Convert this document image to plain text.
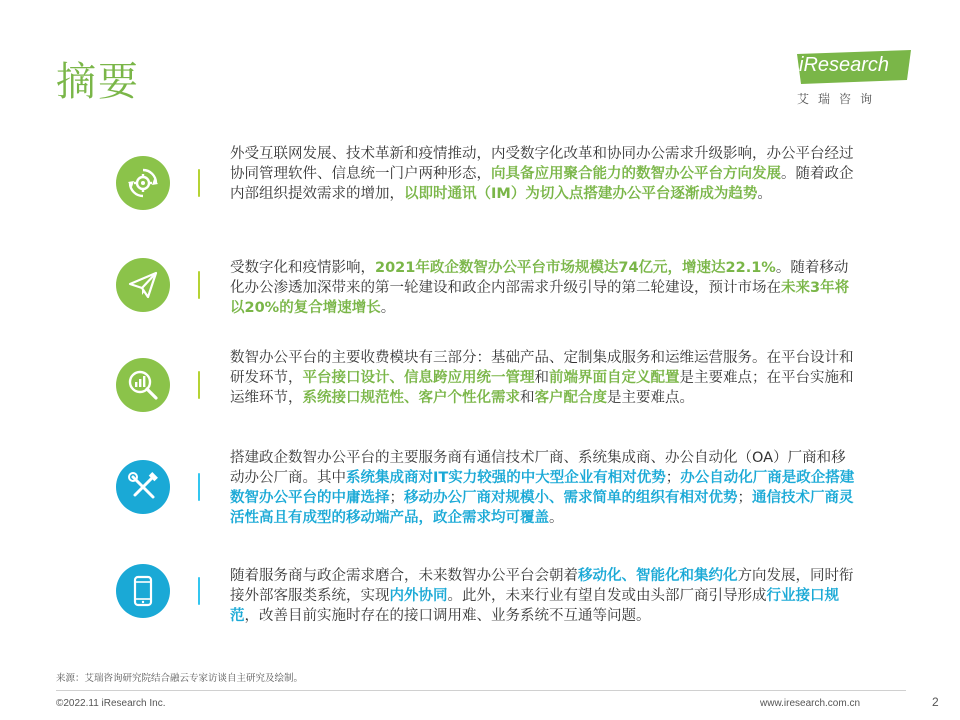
摘要	iResearch
艾瑞咨询
外受互联网发展、技术革新和疫情推动，内受数字化改革和协同办公需求升级影响，办公平台经过协同管理软件、信息统一门户两种形态，向具备应用聚合能力的数智办公平台方向发展。随着政企内部组织提效需求的增加，以即时通讯（IM）为切入点搭建办公平台逐渐成为趋势。
受数字化和疫情影响，2021年政企数智办公平台市场规模达74亿元，增速达22.1%。随着移动化办公渗透加深带来的第一轮建设和政企内部需求升级引导的第二轮建设，预计市场在未来3年将以20%的复合增速增长。
数智办公平台的主要收费模块有三部分：基础产品、定制集成服务和运维运营服务。在平台设计和研发环节，平台接口设计、信息跨应用统一管理和前端界面自定义配置是主要难点；在平台实施和运维环节，系统接口规范性、客户个性化需求和客户配合度是主要难点。
搭建政企数智办公平台的主要服务商有通信技术厂商、系统集成商、办公自动化（OA）厂商和移动办公厂商。其中系统集成商对IT实力较强的中大型企业有相对优势；办公自动化厂商是政企搭建数智办公平台的中庸选择；移动办公厂商对规模小、需求简单的组织有相对优势；通信技术厂商灵活性高且有成型的移动端产品，政企需求均可覆盖。
随着服务商与政企需求磨合，未来数智办公平台会朝着移动化、智能化和集约化方向发展，同时衔接外部客服类系统，实现内外协同。此外，未来行业有望自发或由头部厂商引导形成行业接口规范，改善目前实施时存在的接口调用难、业务系统不互通等问题。
来源：艾瑞咨询研究院结合融云专家访谈自主研究及绘制。
©2022.11 iResearch Inc.	www.iresearch.com.cn	2
